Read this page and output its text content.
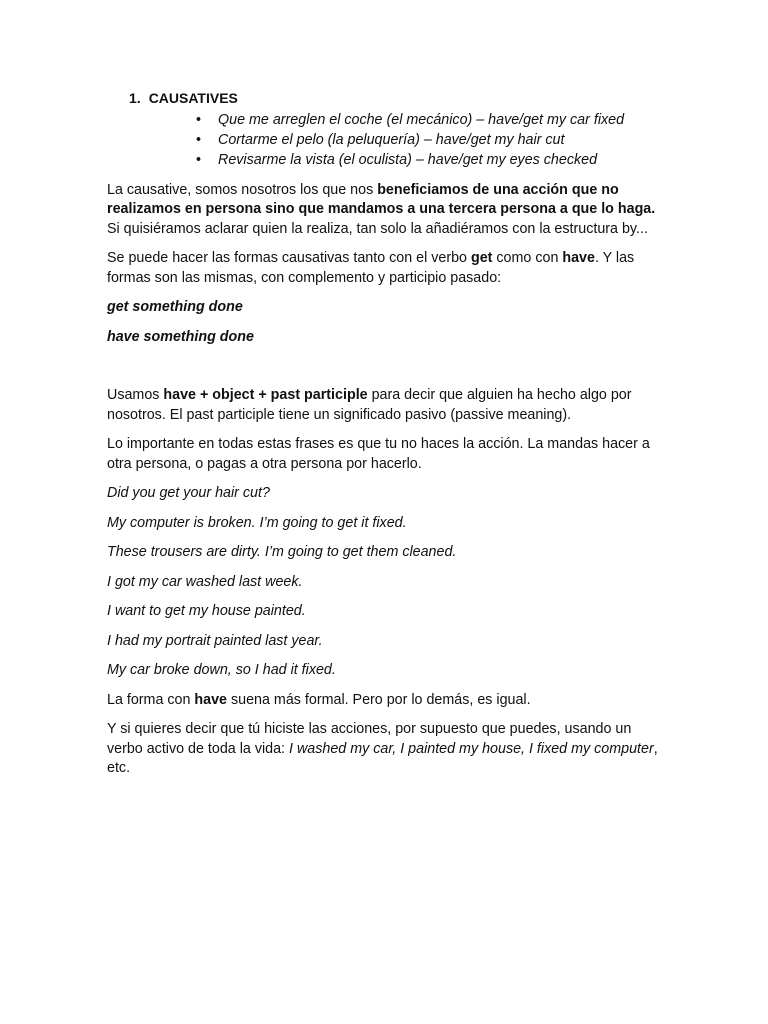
1. CAUSATIVES
• Que me arreglen el coche (el mecánico) – have/get my car fixed
• Cortarme el pelo (la peluquería) – have/get my hair cut
• Revisarme la vista (el oculista) – have/get my eyes checked

La causative, somos nosotros los que nos beneficiamos de una acción que no realizamos en persona sino que mandamos a una tercera persona a que lo haga. Si quisiéramos aclarar quien la realiza, tan solo la añadiéramos con la estructura by...

Se puede hacer las formas causativas tanto con el verbo get como con have. Y las formas son las mismas, con complemento y participio pasado:

get something done

have something done

Usamos have + object + past participle para decir que alguien ha hecho algo por nosotros. El past participle tiene un significado pasivo (passive meaning).

Lo importante en todas estas frases es que tu no haces la acción. La mandas hacer a otra persona, o pagas a otra persona por hacerlo.

Did you get your hair cut?

My computer is broken. I’m going to get it fixed.

These trousers are dirty. I’m going to get them cleaned.

I got my car washed last week.

I want to get my house painted.

I had my portrait painted last year.

My car broke down, so I had it fixed.

La forma con have suena más formal. Pero por lo demás, es igual.

Y si quieres decir que tú hiciste las acciones, por supuesto que puedes, usando un verbo activo de toda la vida: I washed my car, I painted my house, I fixed my computer, etc.
